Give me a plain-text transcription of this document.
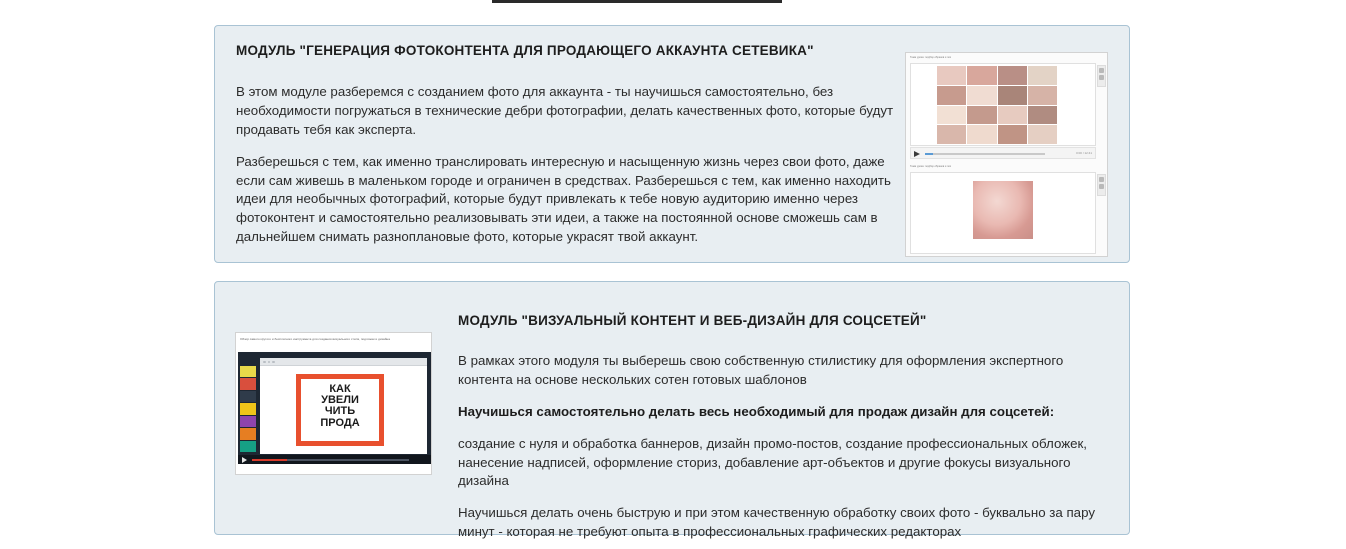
МОДУЛЬ "ГЕНЕРАЦИЯ ФОТОКОНТЕНТА ДЛЯ ПРОДАЮЩЕГО АККАУНТА СЕТЕВИКА"

В этом модуле разберемся с созданием фото для аккаунта - ты научишься самостоятельно, без необходимости погружаться в технические дебри фотографии, делать качественных фото, которые будут продавать тебя как эксперта.

Разберешься с тем, как именно транслировать интересную и насыщенную жизнь через свои фото, даже если сам живешь в маленьком городе и ограничен в средствах. Разберешься с тем, как именно находить идеи для необычных фотографий, которые будут привлекать к тебе новую аудиторию именно через фотоконтент и самостоятельно реализовывать эти идеи, а также на постоянной основе сможешь сам в дальнейшем снимать разноплановые фото, которые украсят твой аккаунт.

Тема урока: подбор образов и поз
0:00 / 12:41
Тема урока: подбор образов и поз
Обзор самого крутого и бесплатного инструмента для создания визуального стиля, подложек и дизайна
КАК
УВЕЛИ
ЧИТЬ
ПРОДА
МОДУЛЬ "ВИЗУАЛЬНЫЙ КОНТЕНТ И ВЕБ-ДИЗАЙН ДЛЯ СОЦСЕТЕЙ"

В рамках этого модуля ты выберешь свою собственную стилистику для оформления экспертного контента на основе нескольких сотен готовых шаблонов

Научишься самостоятельно делать весь необходимый для продаж дизайн для соцсетей:

создание с нуля и обработка баннеров, дизайн промо-постов, создание профессиональных обложек, нанесение надписей, оформление сториз, добавление арт-объектов и другие фокусы визуального дизайна

Научишься делать очень быструю и при этом качественную обработку своих фото - буквально за пару минут - которая не требуют опыта в профессиональных графических редакторах
